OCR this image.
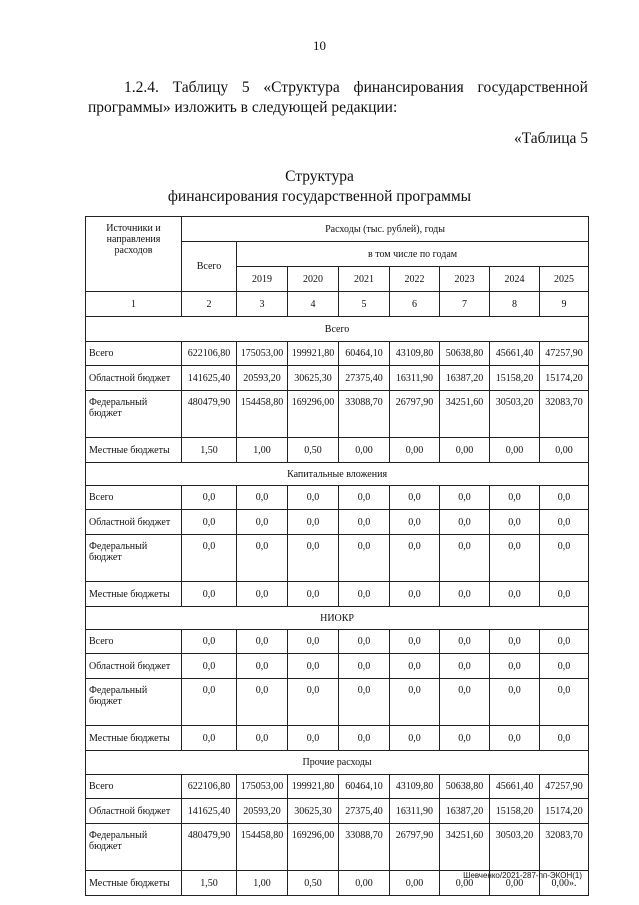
10
1.2.4. Таблицу 5 «Структура финансирования государственной
программы» изложить в следующей редакции:
«Таблица 5
Структура
финансирования государственной программы
Источники и направления расходов	Расходы (тыс. рублей), годы							
	Всего	в том числе по годам						
		2019	2020	2021	2022	2023	2024	2025
1	2	3	4	5	6	7	8	9
Всего								
Всего	622106,80	175053,00	199921,80	60464,10	43109,80	50638,80	45661,40	47257,90
Областной бюджет	141625,40	20593,20	30625,30	27375,40	16311,90	16387,20	15158,20	15174,20
Федеральный бюджет	480479,90	154458,80	169296,00	33088,70	26797,90	34251,60	30503,20	32083,70
Местные бюджеты	1,50	1,00	0,50	0,00	0,00	0,00	0,00	0,00
Капитальные вложения								
Всего	0,0	0,0	0,0	0,0	0,0	0,0	0,0	0,0
Областной бюджет	0,0	0,0	0,0	0,0	0,0	0,0	0,0	0,0
Федеральный бюджет	0,0	0,0	0,0	0,0	0,0	0,0	0,0	0,0
Местные бюджеты	0,0	0,0	0,0	0,0	0,0	0,0	0,0	0,0
НИОКР								
Всего	0,0	0,0	0,0	0,0	0,0	0,0	0,0	0,0
Областной бюджет	0,0	0,0	0,0	0,0	0,0	0,0	0,0	0,0
Федеральный бюджет	0,0	0,0	0,0	0,0	0,0	0,0	0,0	0,0
Местные бюджеты	0,0	0,0	0,0	0,0	0,0	0,0	0,0	0,0
Прочие расходы								
Всего	622106,80	175053,00	199921,80	60464,10	43109,80	50638,80	45661,40	47257,90
Областной бюджет	141625,40	20593,20	30625,30	27375,40	16311,90	16387,20	15158,20	15174,20
Федеральный бюджет	480479,90	154458,80	169296,00	33088,70	26797,90	34251,60	30503,20	32083,70
Местные бюджеты	1,50	1,00	0,50	0,00	0,00	0,00	0,00	0,00».
Шевченко/2021-287-пп-ЭКОН(1)
